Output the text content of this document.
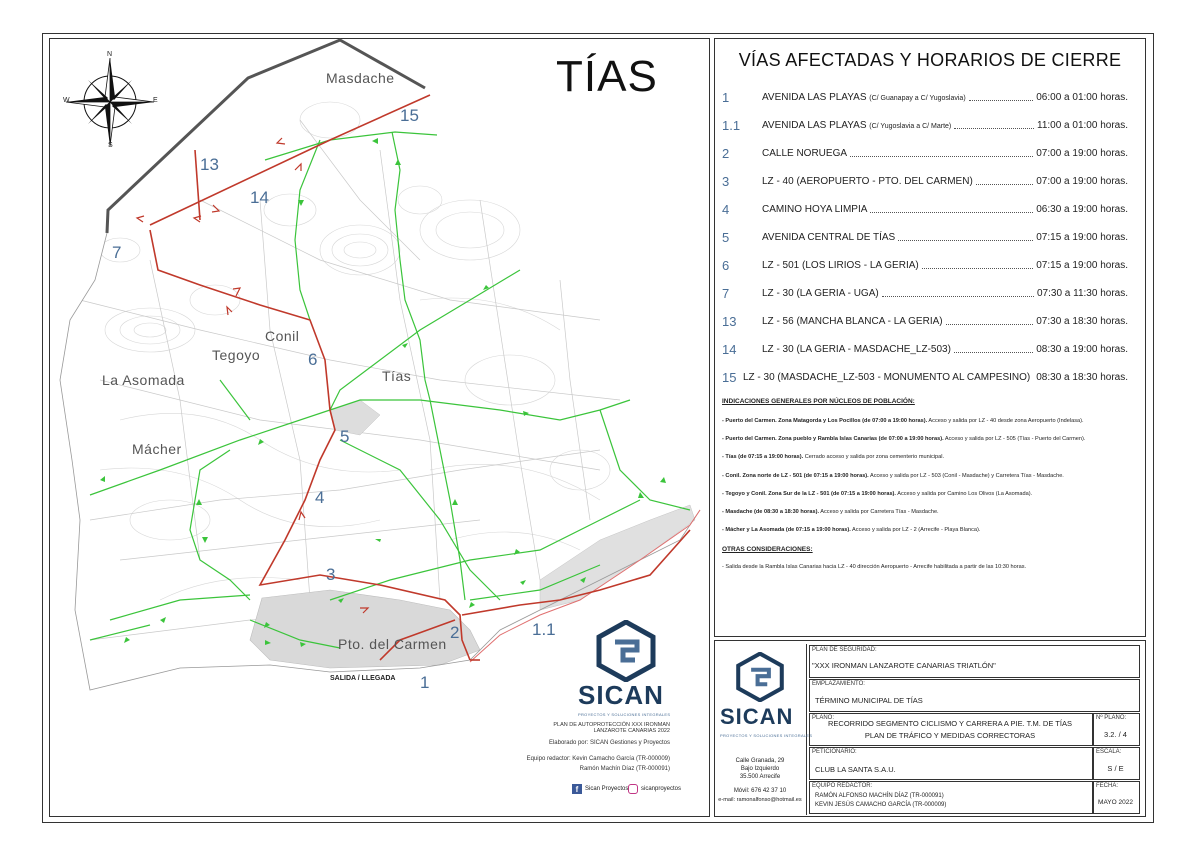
N
S
E
W	TÍAS
Masdache
Conil
Tegoyo
La Asomada	Tías
Mácher
Pto. del Carmen
15
13
14
7
6
5
4
3
2	1.1
1
SALIDA / LLEGADA
SICAN
PROYECTOS Y SOLUCIONES INTEGRALES
PLAN DE AUTOPROTECCIÓN XXX IRONMAN LANZAROTE CANARIAS 2022
Elaborado por: SICAN Gestiones y Proyectos
Equipo redactor: Kevin Camacho García (TR-000009)
Ramón Machín Díaz (TR-000091)
f	Sican Proyectos sicanproyectos
VÍAS AFECTADAS Y HORARIOS DE CIERRE
1	AVENIDA LAS PLAYAS (C/ Guanapay a C/ Yugoslavia)	06:00 a 01:00 horas.
1.1	AVENIDA LAS PLAYAS (C/ Yugoslavia a C/ Marte)	11:00 a 01:00 horas.
2	CALLE NORUEGA	07:00 a 19:00 horas.
3	LZ - 40 (AEROPUERTO - PTO. DEL CARMEN)	07:00 a 19:00 horas.
4	CAMINO HOYA LIMPIA	06:30 a 19:00 horas.
5	AVENIDA CENTRAL DE TÍAS	07:15 a 19:00 horas.
6	LZ - 501 (LOS LIRIOS - LA GERIA)	07:15 a 19:00 horas.
7	LZ - 30 (LA GERIA - UGA)	07:30 a 11:30 horas.
13	LZ - 56 (MANCHA BLANCA - LA GERIA)	07:30 a 18:30 horas.
14	LZ - 30 (LA GERIA - MASDACHE_LZ-503)	08:30 a 19:00 horas.
15 LZ - 30 (MASDACHE_LZ-503 - MONUMENTO AL CAMPESINO) 08:30 a 18:30 horas.
INDICACIONES GENERALES POR NÚCLEOS DE POBLACIÓN:
- Puerto del Carmen. Zona Matagorda y Los Pocillos (de 07:00 a 19:00 horas). Acceso y salida por LZ - 40 desde zona Aeropuerto (Indelasa).
- Puerto del Carmen. Zona pueblo y Rambla Islas Canarias (de 07:00 a 19:00 horas). Acceso y salida por LZ - 505 (Tías - Puerto del Carmen).
- Tías (de 07:15 a 19:00 horas). Cerrado acceso y salida por zona cementerio municipal.
- Conil. Zona norte de LZ - 501 (de 07:15 a 19:00 horas). Acceso y salida por LZ - 503 (Conil - Masdache) y Carretera Tías - Masdache.
- Tegoyo y Conil. Zona Sur de la LZ - 501 (de 07:15 a 19:00 horas). Acceso y salida por Camino Los Olivos (La Asomada).
- Masdache (de 08:30 a 18:30 horas). Acceso y salida por Carretera Tías - Masdache.
- Mácher y La Asomada (de 07:15 a 19:00 horas). Acceso y salida por LZ - 2 (Arrecife - Playa Blanca).
OTRAS CONSIDERACIONES:
- Salida desde la Rambla Islas Canarias hacia LZ - 40 dirección Aeropuerto - Arrecife habilitada a partir de las 10:30 horas.
SICAN
PROYECTOS Y SOLUCIONES INTEGRALES
Calle Granada, 29
Bajo Izquierdo
35.500 Arrecife
Móvil: 676 42 37 10
e-mail: ramonalfonso@hotmail.es
PLAN DE SEGURIDAD:
"XXX IRONMAN LANZAROTE CANARIAS TRIATLÓN"
EMPLAZAMIENTO:
TÉRMINO MUNICIPAL DE TÍAS
PLANO:
RECORRIDO SEGMENTO CICLISMO Y CARRERA A PIE. T.M. DE TÍAS
PLAN DE TRÁFICO Y MEDIDAS CORRECTORAS
Nº PLANO:
3.2. / 4
PETICIONARIO:
CLUB LA SANTA S.A.U.
ESCALA:
S / E
EQUIPO REDACTOR:
RAMÓN ALFONSO MACHÍN DÍAZ (TR-000091)
KEVIN JESÚS CAMACHO GARCÍA (TR-000009)
FECHA:
MAYO 2022
